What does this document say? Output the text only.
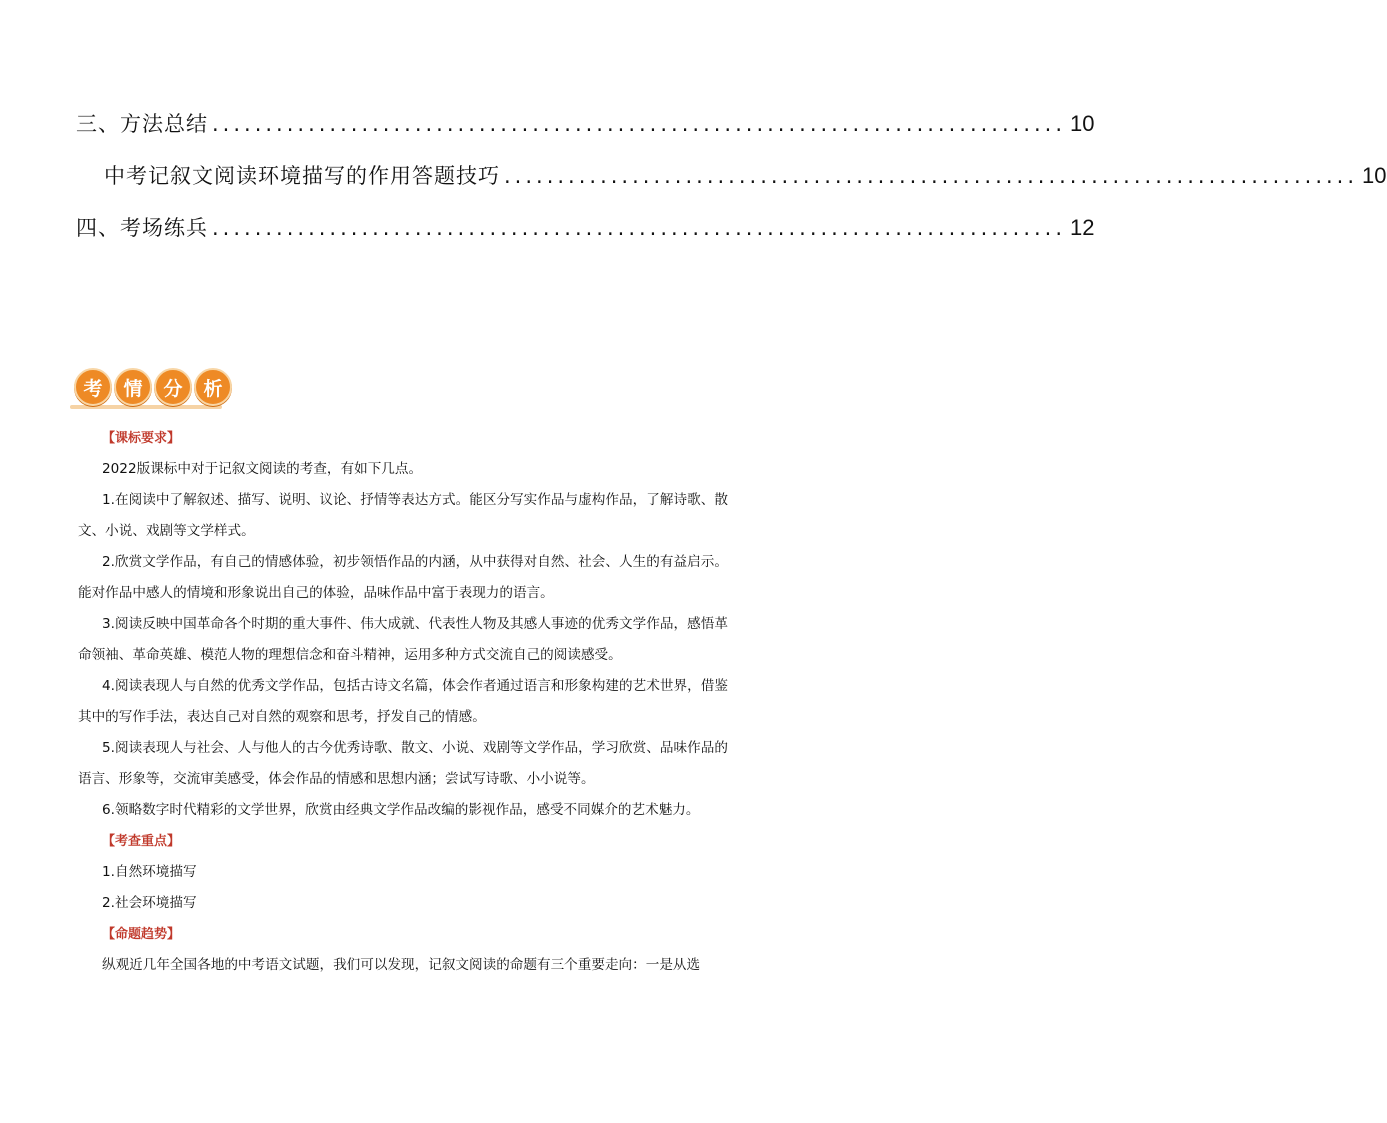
三、方法总结 ................................................................................ 10
中考记叙文阅读环境描写的作用答题技巧 ................................................................................ 10
四、考场练兵 ................................................................................ 12
考	情	分	析

【课标要求】

2022版课标中对于记叙文阅读的考查，有如下几点。

1.在阅读中了解叙述、描写、说明、议论、抒情等表达方式。能区分写实作品与虚构作品，了解诗歌、散文、小说、戏剧等文学样式。

2.欣赏文学作品，有自己的情感体验，初步领悟作品的内涵，从中获得对自然、社会、人生的有益启示。能对作品中感人的情境和形象说出自己的体验，品味作品中富于表现力的语言。

3.阅读反映中国革命各个时期的重大事件、伟大成就、代表性人物及其感人事迹的优秀文学作品，感悟革命领袖、革命英雄、模范人物的理想信念和奋斗精神，运用多种方式交流自己的阅读感受。

4.阅读表现人与自然的优秀文学作品，包括古诗文名篇，体会作者通过语言和形象构建的艺术世界，借鉴其中的写作手法，表达自己对自然的观察和思考，抒发自己的情感。

5.阅读表现人与社会、人与他人的古今优秀诗歌、散文、小说、戏剧等文学作品，学习欣赏、品味作品的语言、形象等，交流审美感受，体会作品的情感和思想内涵；尝试写诗歌、小小说等。

6.领略数字时代精彩的文学世界，欣赏由经典文学作品改编的影视作品，感受不同媒介的艺术魅力。

【考查重点】

1.自然环境描写

2.社会环境描写

【命题趋势】

纵观近几年全国各地的中考语文试题，我们可以发现，记叙文阅读的命题有三个重要走向：一是从选
